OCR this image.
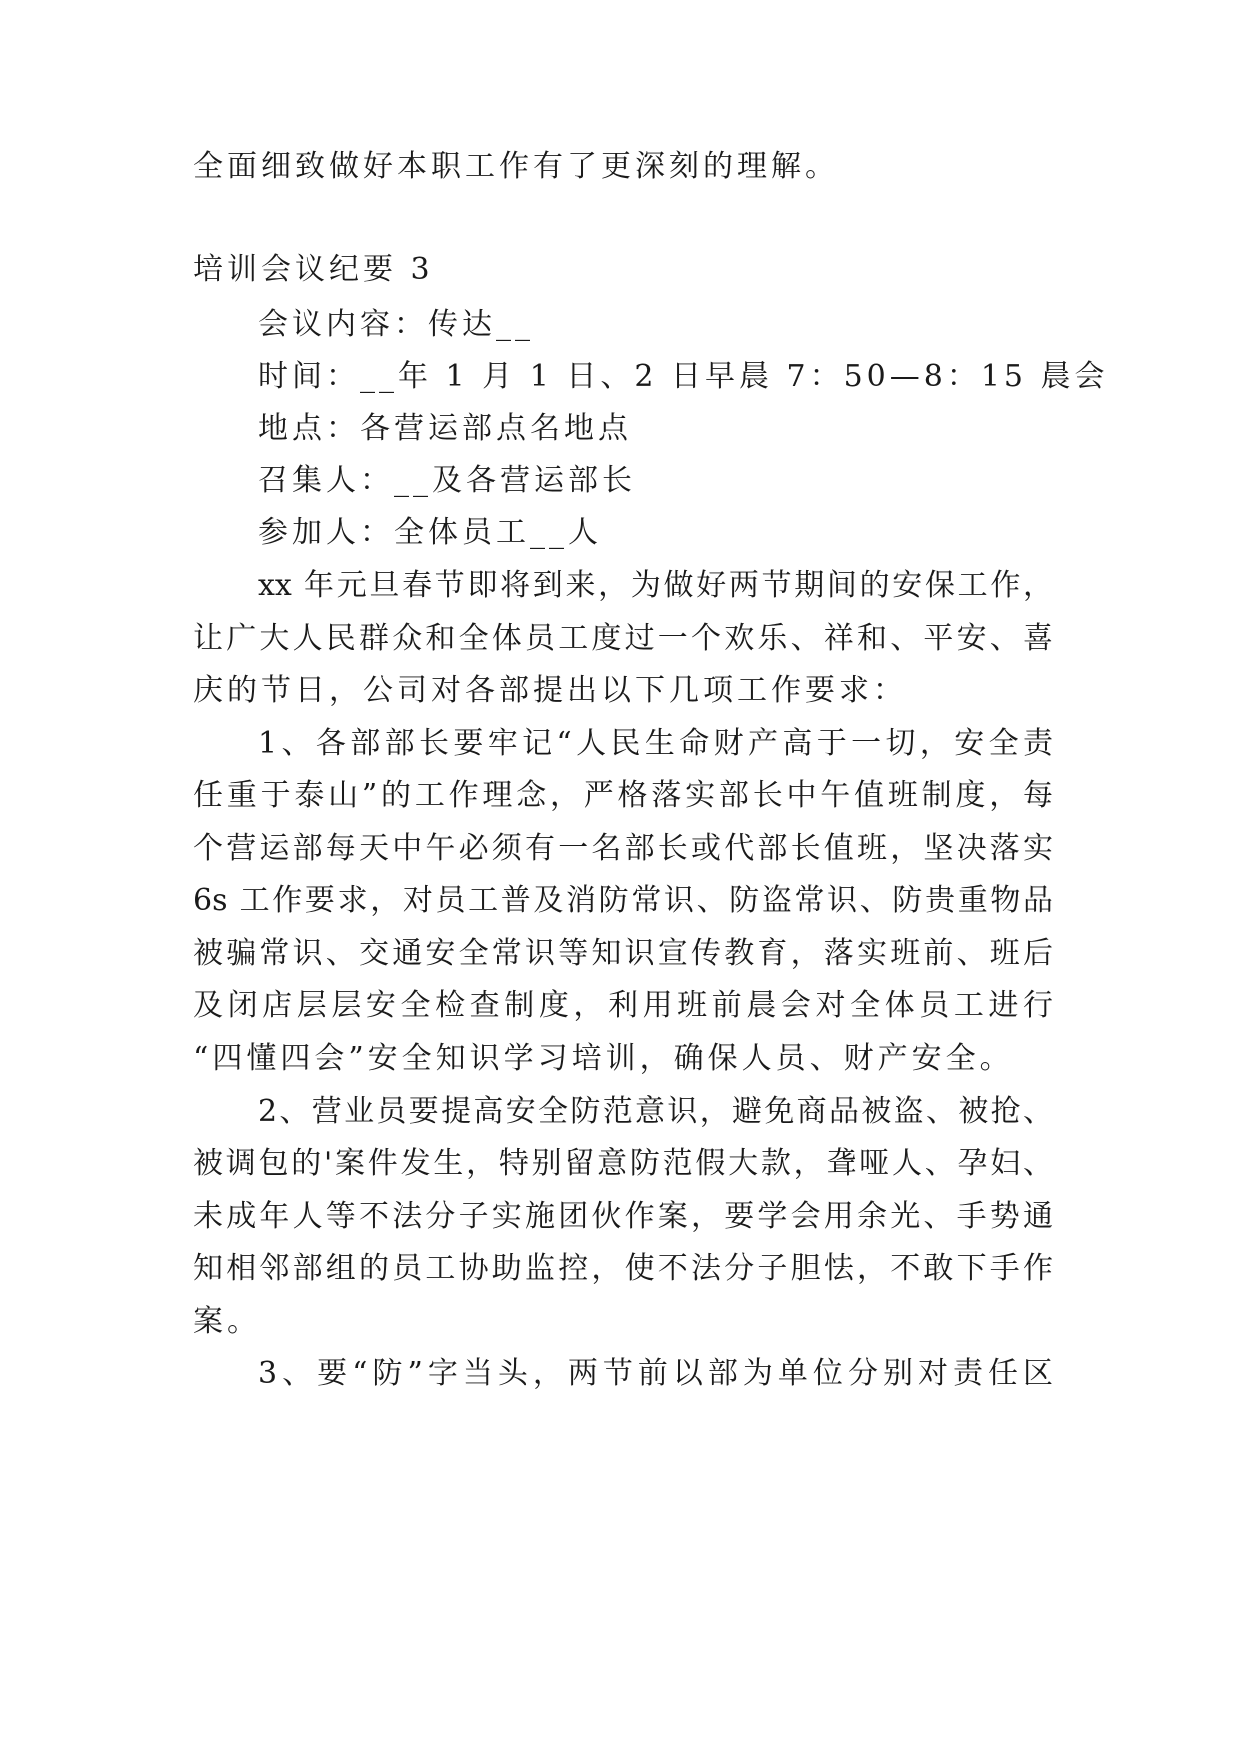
全面细致做好本职工作有了更深刻的理解。
培训会议纪要 3
会议内容：传达__
时间：__年 1 月 1 日、2 日早晨 7：50—8：15 晨会
地点：各营运部点名地点
召集人：__及各营运部长
参加人：全体员工__人
xx 年元旦春节即将到来，为做好两节期间的安保工作，
让广大人民群众和全体员工度过一个欢乐、祥和、平安、喜
庆的节日，公司对各部提出以下几项工作要求：
1、各部部长要牢记“人民生命财产高于一切，安全责
任重于泰山”的工作理念，严格落实部长中午值班制度，每
个营运部每天中午必须有一名部长或代部长值班，坚决落实
6s 工作要求，对员工普及消防常识、防盗常识、防贵重物品
被骗常识、交通安全常识等知识宣传教育，落实班前、班后
及闭店层层安全检查制度，利用班前晨会对全体员工进行
“四懂四会”安全知识学习培训，确保人员、财产安全。
2、营业员要提高安全防范意识，避免商品被盗、被抢、
被调包的'案件发生，特别留意防范假大款，聋哑人、孕妇、
未成年人等不法分子实施团伙作案，要学会用余光、手势通
知相邻部组的员工协助监控，使不法分子胆怯，不敢下手作
案。
3、要“防”字当头，两节前以部为单位分别对责任区
